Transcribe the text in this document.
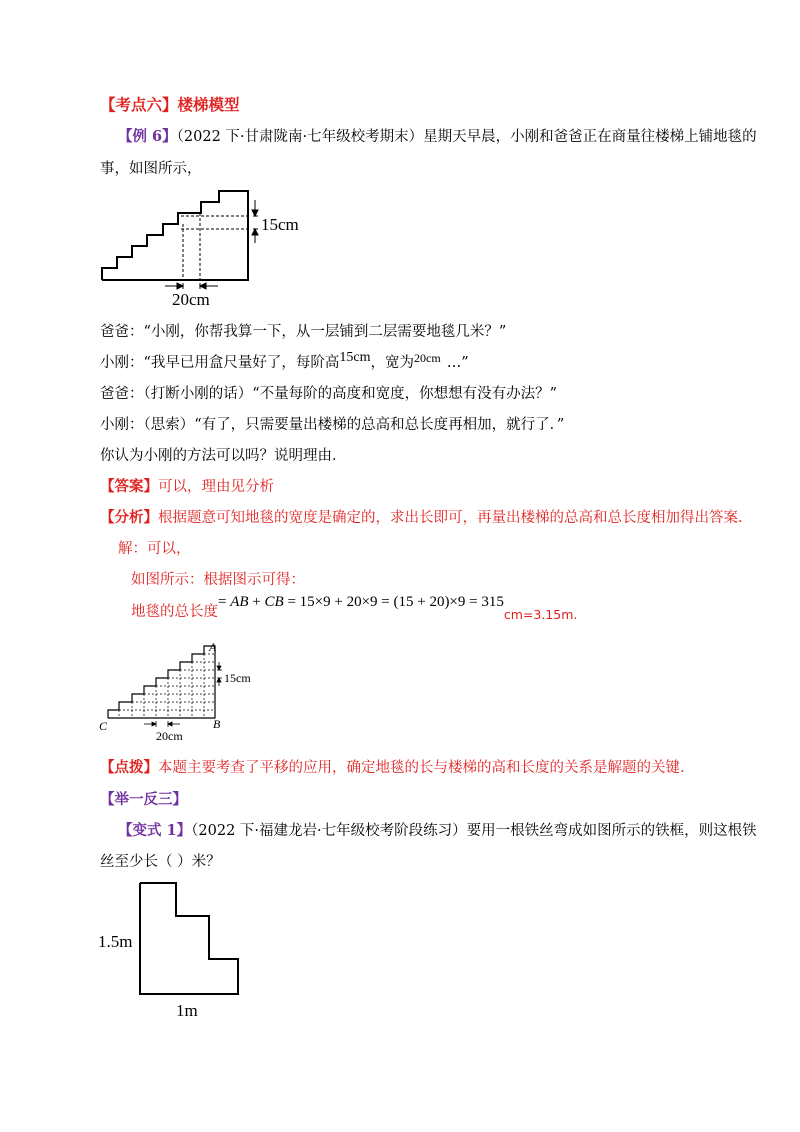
【考点六】楼梯模型
【例 6】（2022 下·甘肃陇南·七年级校考期末）星期天早晨，小刚和爸爸正在商量往楼梯上铺地毯的
事，如图所示，
15cm
20cm
爸爸：“小刚，你帮我算一下，从一层铺到二层需要地毯几米？”
小刚：“我早已用盒尺量好了，每阶高15cm，宽为$^{20cm}$ …”
爸爸：（打断小刚的话）“不量每阶的高度和宽度，你想想有没有办法？”
小刚：（思索）“有了，只需要量出楼梯的总高和总长度再相加，就行了．”
你认为小刚的方法可以吗？说明理由．
【答案】可以，理由见分析
【分析】根据题意可知地毯的宽度是确定的，求出长即可，再量出楼梯的总高和总长度相加得出答案.
解：可以，
如图所示：根据图示可得：
地毯的总长度= AB + CB = 15×9 + 20×9 = (15 + 20)×9 = 315cm=3.15m.
A
B
C
15cm
20cm
【点拨】本题主要考查了平移的应用，确定地毯的长与楼梯的高和长度的关系是解题的关键.
【举一反三】
【变式 1】（2022 下·福建龙岩·七年级校考阶段练习）要用一根铁丝弯成如图所示的铁框，则这根铁
丝至少长（ ）米？
1.5m
1m
